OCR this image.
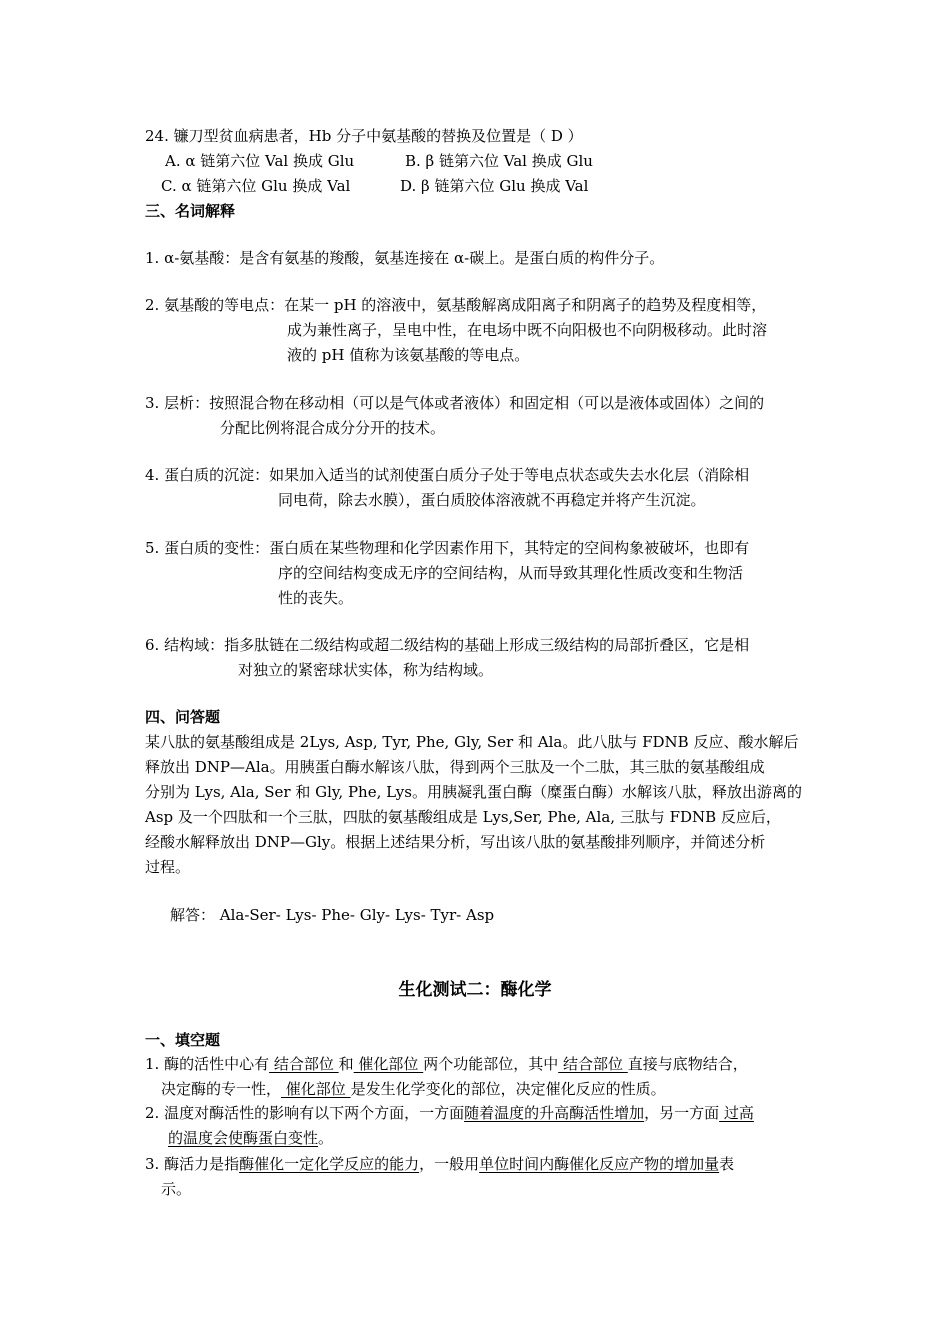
24. 镰刀型贫血病患者，Hb 分子中氨基酸的替换及位置是（ D ）
A. α 链第六位 Val 换成 Glu	B. β 链第六位 Val 换成 Glu
C. α 链第六位 Glu 换成 Val	D. β 链第六位 Glu 换成 Val
三、名词解释
1. α-氨基酸：是含有氨基的羧酸，氨基连接在 α-碳上。是蛋白质的构件分子。
2. 氨基酸的等电点：在某一 pH 的溶液中，氨基酸解离成阳离子和阴离子的趋势及程度相等，
成为兼性离子，呈电中性，在电场中既不向阳极也不向阴极移动。此时溶
液的 pH 值称为该氨基酸的等电点。
3. 层析：按照混合物在移动相（可以是气体或者液体）和固定相（可以是液体或固体）之间的
分配比例将混合成分分开的技术。
4. 蛋白质的沉淀：如果加入适当的试剂使蛋白质分子处于等电点状态或失去水化层（消除相
同电荷，除去水膜），蛋白质胶体溶液就不再稳定并将产生沉淀。
5. 蛋白质的变性：蛋白质在某些物理和化学因素作用下，其特定的空间构象被破坏，也即有
序的空间结构变成无序的空间结构，从而导致其理化性质改变和生物活
性的丧失。
6. 结构域：指多肽链在二级结构或超二级结构的基础上形成三级结构的局部折叠区，它是相
对独立的紧密球状实体，称为结构域。
四、问答题
某八肽的氨基酸组成是 2Lys, Asp, Tyr, Phe, Gly, Ser 和 Ala。此八肽与 FDNB 反应、酸水解后
释放出 DNP—Ala。用胰蛋白酶水解该八肽，得到两个三肽及一个二肽，其三肽的氨基酸组成
分别为 Lys, Ala, Ser 和 Gly, Phe, Lys。用胰凝乳蛋白酶（糜蛋白酶）水解该八肽，释放出游离的
Asp 及一个四肽和一个三肽，四肽的氨基酸组成是 Lys,Ser, Phe, Ala, 三肽与 FDNB 反应后，
经酸水解释放出 DNP—Gly。根据上述结果分析，写出该八肽的氨基酸排列顺序，并简述分析
过程。
解答： Ala-Ser- Lys- Phe- Gly- Lys- Tyr- Asp
生化测试二：酶化学
一、填空题
1. 酶的活性中心有 结合部位 和 催化部位 两个功能部位，其中 结合部位 直接与底物结合，
决定酶的专一性， 催化部位 是发生化学变化的部位，决定催化反应的性质。
2. 温度对酶活性的影响有以下两个方面，一方面随着温度的升高酶活性增加，另一方面 过高
的温度会使酶蛋白变性。
3. 酶活力是指酶催化一定化学反应的能力，一般用单位时间内酶催化反应产物的增加量表
示。
